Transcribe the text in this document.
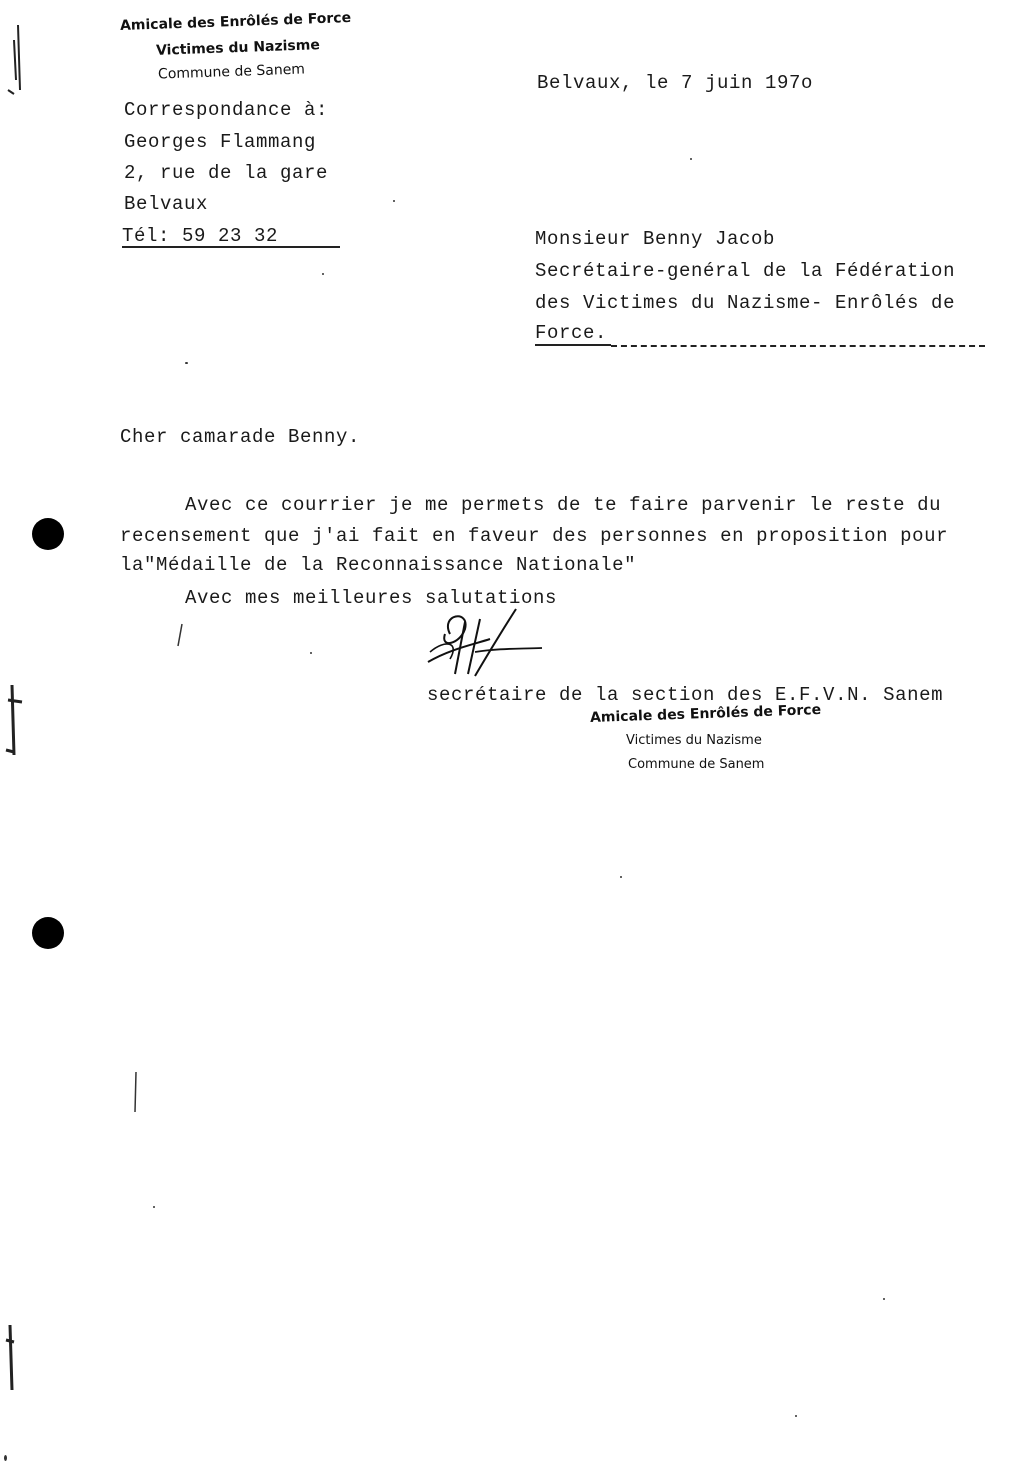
Amicale des Enrôlés de Force
Victimes du Nazisme
Commune de Sanem
Belvaux, le 7 juin 197o
Correspondance à:
Georges Flammang
2, rue de la gare
Belvaux
Tél: 59 23 32	Monsieur Benny Jacob
Secrétaire-genéral de la Fédération
des Victimes du Nazisme- Enrôlés de
Force.
Cher camarade Benny.
Avec ce courrier je me permets de te faire parvenir le reste du
recensement que j'ai fait en faveur des personnes en proposition pour
la"Médaille de la Reconnaissance Nationale"
Avec mes meilleures salutations
secrétaire de la section des E.F.V.N. Sanem
Amicale des Enrôlés de Force
Victimes du Nazisme
Commune de Sanem
